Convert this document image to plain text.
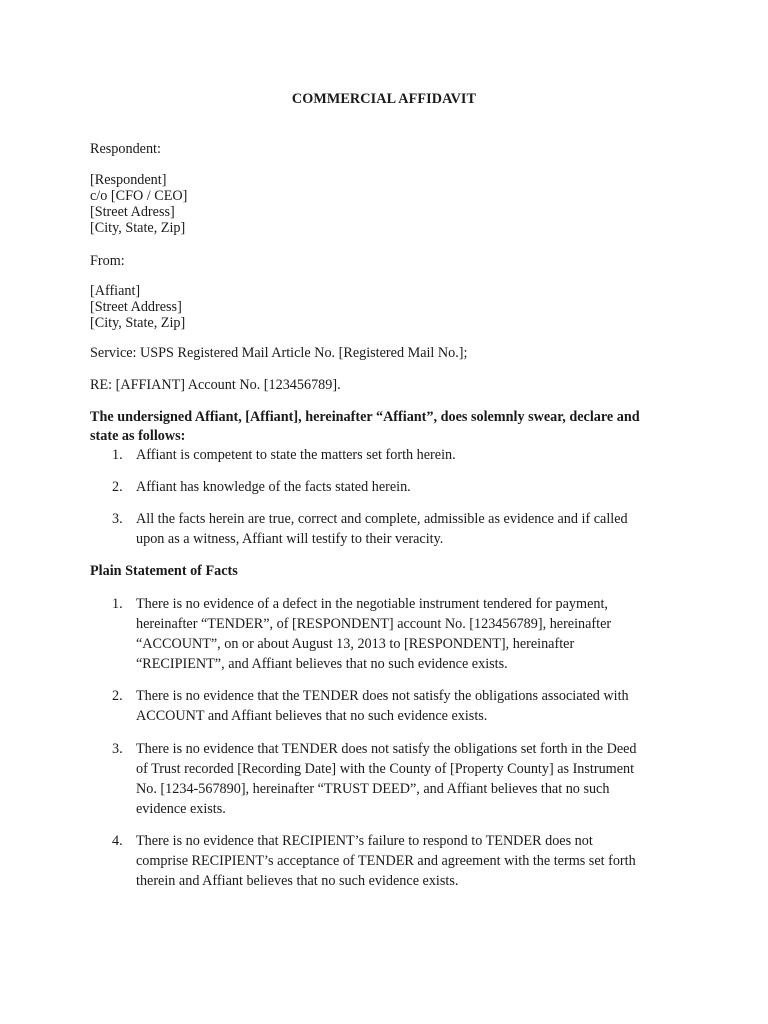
COMMERCIAL AFFIDAVIT
Respondent:
[Respondent]
c/o [CFO / CEO]
[Street Adress]
[City, State, Zip]
From:
[Affiant]
[Street Address]
[City, State, Zip]
Service: USPS Registered Mail Article No. [Registered Mail No.];
RE: [AFFIANT] Account No. [123456789].
The undersigned Affiant, [Affiant], hereinafter “Affiant”, does solemnly swear, declare and
state as follows:
1. Affiant is competent to state the matters set forth herein.
2. Affiant has knowledge of the facts stated herein.
3. All the facts herein are true, correct and complete, admissible as evidence and if called
upon as a witness, Affiant will testify to their veracity.
Plain Statement of Facts
1. There is no evidence of a defect in the negotiable instrument tendered for payment,
hereinafter “TENDER”, of [RESPONDENT] account No. [123456789], hereinafter
“ACCOUNT”, on or about August 13, 2013 to [RESPONDENT], hereinafter
“RECIPIENT”, and Affiant believes that no such evidence exists.
2. There is no evidence that the TENDER does not satisfy the obligations associated with
ACCOUNT and Affiant believes that no such evidence exists.
3. There is no evidence that TENDER does not satisfy the obligations set forth in the Deed
of Trust recorded [Recording Date] with the County of [Property County] as Instrument
No. [1234-567890], hereinafter “TRUST DEED”, and Affiant believes that no such
evidence exists.
4. There is no evidence that RECIPIENT’s failure to respond to TENDER does not
comprise RECIPIENT’s acceptance of TENDER and agreement with the terms set forth
therein and Affiant believes that no such evidence exists.
